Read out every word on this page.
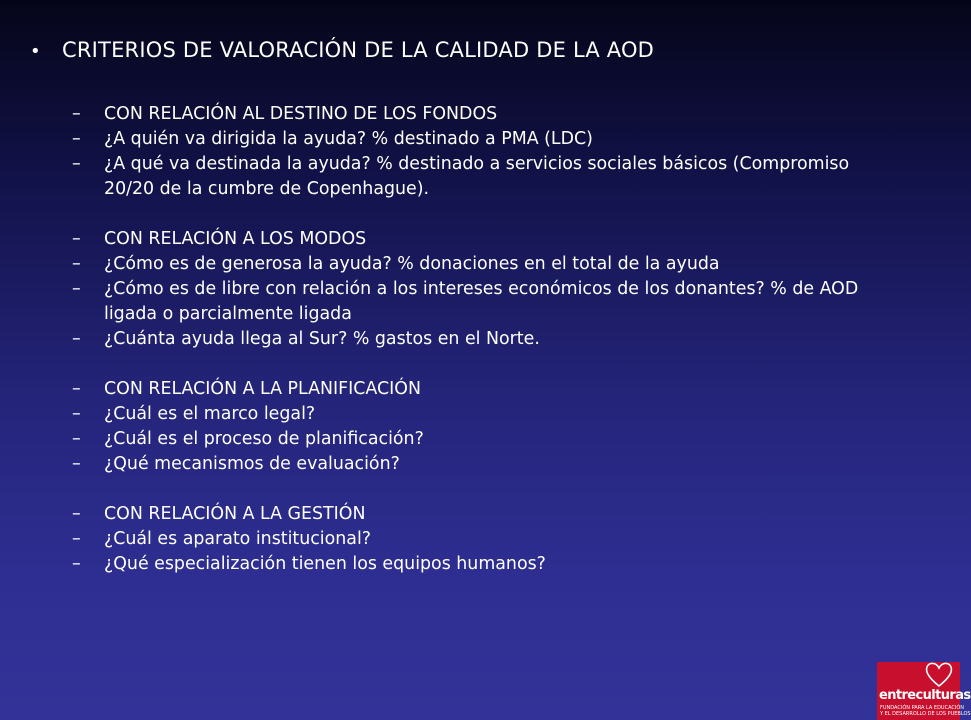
•	CRITERIOS DE VALORACIÓN DE LA CALIDAD DE LA AOD
–	CON RELACIÓN AL DESTINO DE LOS FONDOS
–	¿A quién va dirigida la ayuda? % destinado a PMA (LDC)
–	¿A qué va destinada la ayuda? % destinado a servicios sociales básicos (Compromiso 20/20 de la cumbre de Copenhague).
–	CON RELACIÓN A LOS MODOS
–	¿Cómo es de generosa la ayuda? % donaciones en el total de la ayuda
–	¿Cómo es de libre con relación a los intereses económicos de los donantes? % de AOD ligada o parcialmente ligada
–	¿Cuánta ayuda llega al Sur? % gastos en el Norte.
–	CON RELACIÓN A LA PLANIFICACIÓN
–	¿Cuál es el marco legal?
–	¿Cuál es el proceso de planificación?
–	¿Qué mecanismos de evaluación?
–	CON RELACIÓN A LA GESTIÓN
–	¿Cuál es aparato institucional?
–	¿Qué especialización tienen los equipos humanos?
entreculturas
FUNDACIÓN PARA LA EDUCACIÓN
Y EL DESARROLLO DE LOS PUEBLOS
